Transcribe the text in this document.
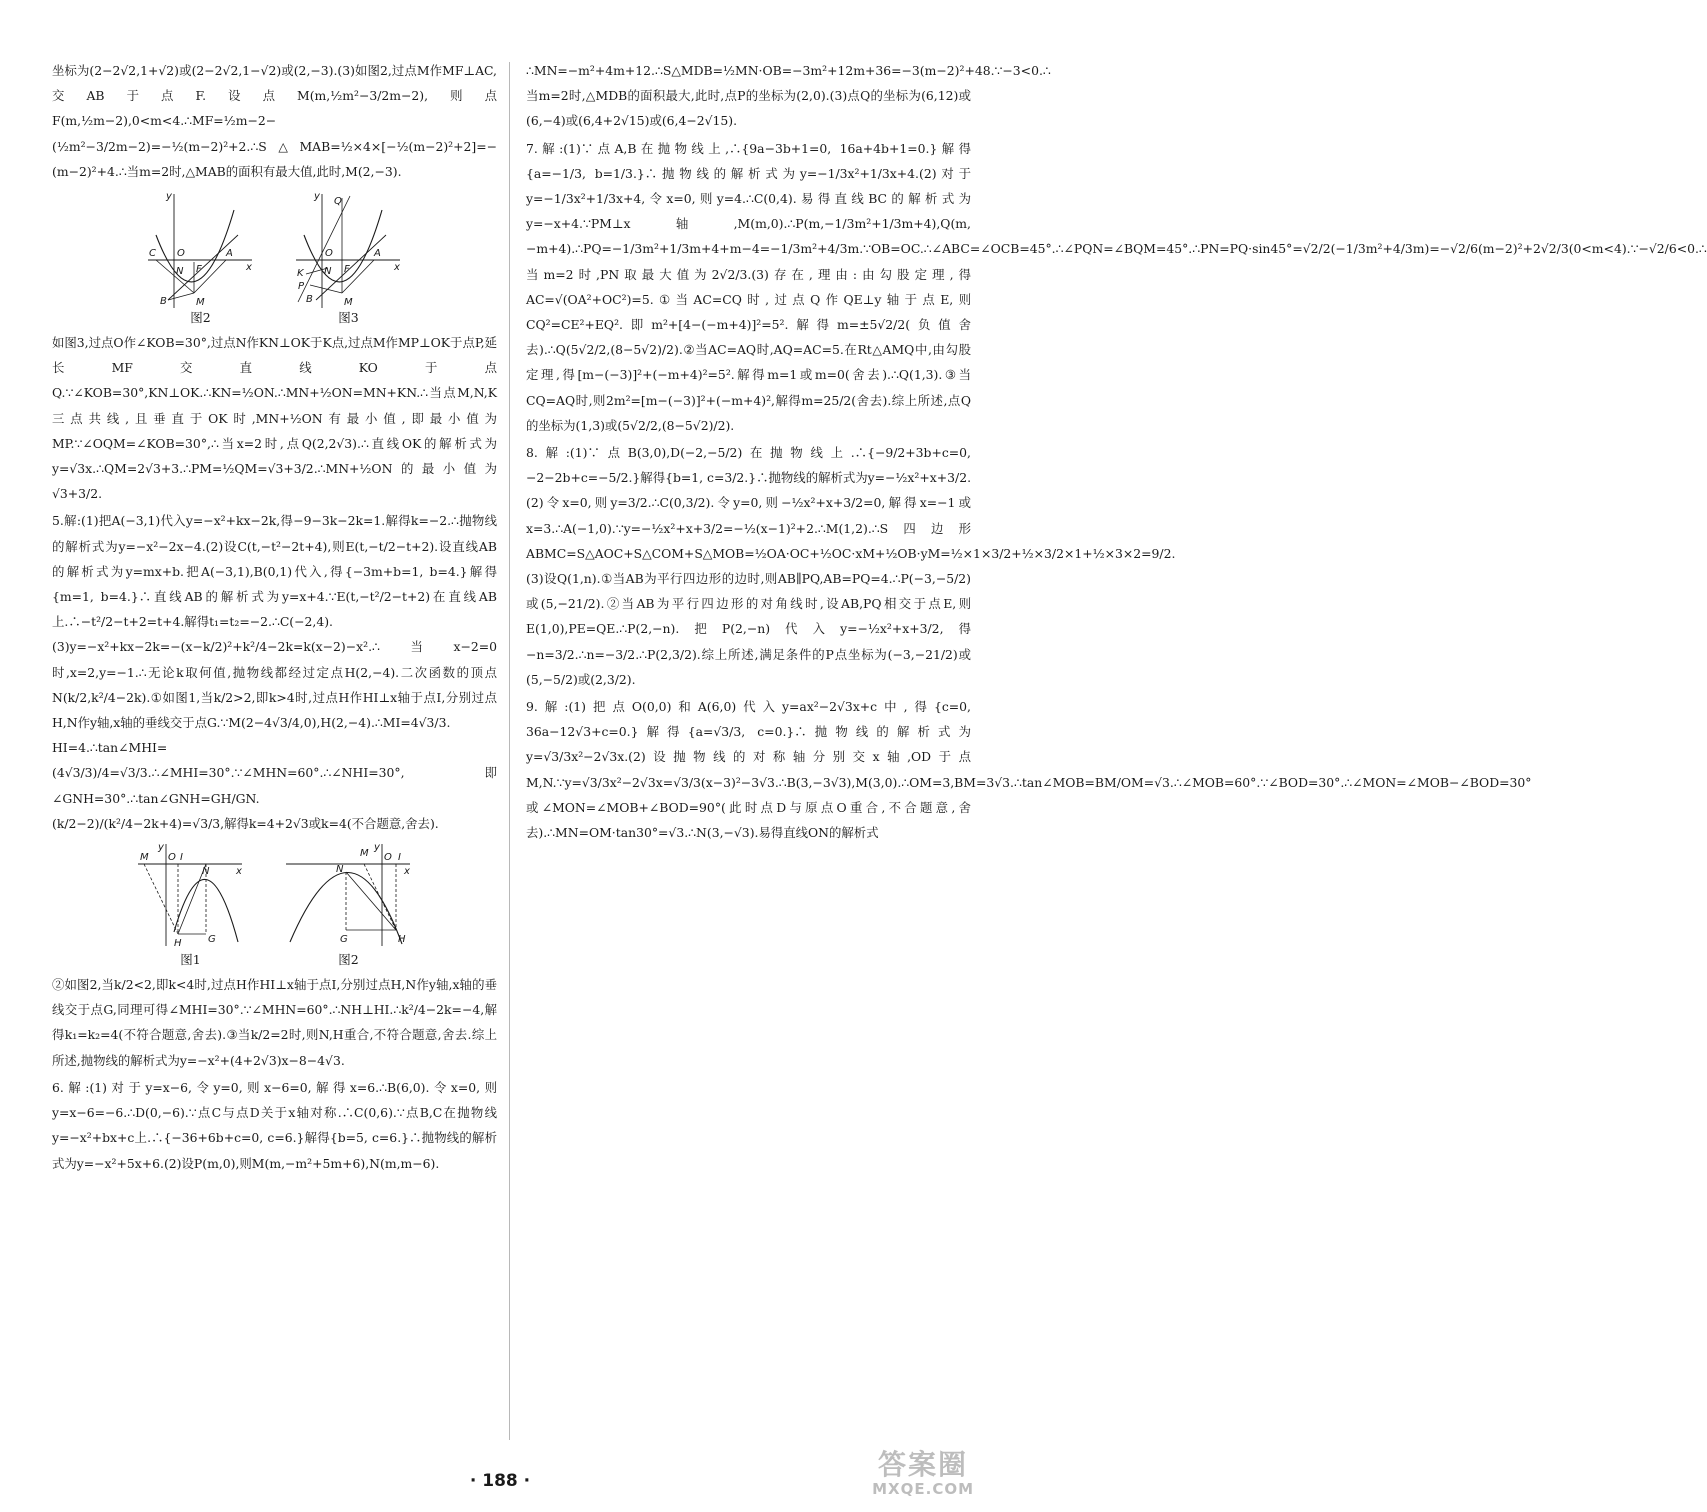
坐标为(2−2√2,1+√2)或(2−2√2,1−√2)或(2,−3).(3)如图2,过点M作MF⊥AC,交AB于点F.设点M(m,½m²−3/2m−2),则点F(m,½m−2),0<m<4.∴MF=½m−2−(½m²−3/2m−2)=−½(m−2)²+2.∴S△MAB=½×4×[−½(m−2)²+2]=−(m−2)²+4.∴当m=2时,△MAB的面积有最大值,此时,M(2,−3).

y
x
C O
N F
A
B	M
图2
y Q
x
O
N F
A
K
P
B	M
图3

如图3,过点O作∠KOB=30°,过点N作KN⊥OK于K点,过点M作MP⊥OK于点P,延长MF交直线KO于点Q.∵∠KOB=30°,KN⊥OK.∴KN=½ON.∴MN+½ON=MN+KN.∴当点M,N,K三点共线,且垂直于OK时,MN+½ON有最小值,即最小值为MP.∵∠OQM=∠KOB=30°,∴当x=2时,点Q(2,2√3).∴直线OK的解析式为y=√3x.∴QM=2√3+3.∴PM=½QM=√3+3/2.∴MN+½ON的最小值为√3+3/2.

5.解:(1)把A(−3,1)代入y=−x²+kx−2k,得−9−3k−2k=1.解得k=−2.∴抛物线的解析式为y=−x²−2x−4.(2)设C(t,−t²−2t+4),则E(t,−t/2−t+2).设直线AB的解析式为y=mx+b.把A(−3,1),B(0,1)代入,得{−3m+b=1, b=4.}解得{m=1, b=4.}∴直线AB的解析式为y=x+4.∵E(t,−t²/2−t+2)在直线AB上.∴−t²/2−t+2=t+4.解得t₁=t₂=−2.∴C(−2,4).

(3)y=−x²+kx−2k=−(x−k/2)²+k²/4−2k=k(x−2)−x².∴当x−2=0时,x=2,y=−1.∴无论k取何值,抛物线都经过定点H(2,−4).二次函数的顶点N(k/2,k²/4−2k).①如图1,当k/2>2,即k>4时,过点H作HI⊥x轴于点I,分别过点H,N作y轴,x轴的垂线交于点G.∵M(2−4√3/4,0),H(2,−4).∴MI=4√3/3.

HI=4.∴tan∠MHI=(4√3/3)/4=√3/3.∴∠MHI=30°.∵∠MHN=60°.∴∠NHI=30°,即∠GNH=30°.∴tan∠GNH=GH/GN.

(k/2−2)/(k²/4−2k+4)=√3/3,解得k=4+2√3或k=4(不合题意,舍去).

y
x
M O I
N
H	G
图1
y
x
M O I
N
G	H
图2

②如图2,当k/2<2,即k<4时,过点H作HI⊥x轴于点I,分别过点H,N作y轴,x轴的垂线交于点G,同理可得∠MHI=30°.∵∠MHN=60°.∴NH⊥HI.∴k²/4−2k=−4,解得k₁=k₂=4(不符合题意,舍去).③当k/2=2时,则N,H重合,不符合题意,舍去.综上所述,抛物线的解析式为y=−x²+(4+2√3)x−8−4√3.

6.解:(1)对于y=x−6,令y=0,则x−6=0,解得x=6.∴B(6,0).令x=0,则y=x−6=−6.∴D(0,−6).∵点C与点D关于x轴对称.∴C(0,6).∵点B,C在抛物线y=−x²+bx+c上.∴{−36+6b+c=0, c=6.}解得{b=5, c=6.}∴抛物线的解析式为y=−x²+5x+6.(2)设P(m,0),则M(m,−m²+5m+6),N(m,m−6).

∴MN=−m²+4m+12.∴S△MDB=½MN·OB=−3m²+12m+36=−3(m−2)²+48.∵−3<0.∴当m=2时,△MDB的面积最大,此时,点P的坐标为(2,0).(3)点Q的坐标为(6,12)或(6,−4)或(6,4+2√15)或(6,4−2√15).

7.解:(1)∵点A,B在抛物线上,∴{9a−3b+1=0, 16a+4b+1=0.}解得{a=−1/3, b=1/3.}∴抛物线的解析式为y=−1/3x²+1/3x+4.(2)对于y=−1/3x²+1/3x+4,令x=0,则y=4.∴C(0,4).易得直线BC的解析式为y=−x+4.∵PM⊥x轴,M(m,0).∴P(m,−1/3m²+1/3m+4),Q(m,−m+4).∴PQ=−1/3m²+1/3m+4+m−4=−1/3m²+4/3m.∵OB=OC.∴∠ABC=∠OCB=45°.∴∠PQN=∠BQM=45°.∴PN=PQ·sin45°=√2/2(−1/3m²+4/3m)=−√2/6(m−2)²+2√2/3(0<m<4).∵−√2/6<0.∴当m=2时,PN取最大值为2√2/3.(3)存在,理由:由勾股定理,得AC=√(OA²+OC²)=5.①当AC=CQ时,过点Q作QE⊥y轴于点E,则CQ²=CE²+EQ².即m²+[4−(−m+4)]²=5².解得m=±5√2/2(负值舍去).∴Q(5√2/2,(8−5√2)/2).②当AC=AQ时,AQ=AC=5.在Rt△AMQ中,由勾股定理,得[m−(−3)]²+(−m+4)²=5².解得m=1或m=0(舍去).∴Q(1,3).③当CQ=AQ时,则2m²=[m−(−3)]²+(−m+4)²,解得m=25/2(舍去).综上所述,点Q的坐标为(1,3)或(5√2/2,(8−5√2)/2).

8.解:(1)∵点B(3,0),D(−2,−5/2)在抛物线上.∴{−9/2+3b+c=0, −2−2b+c=−5/2.}解得{b=1, c=3/2.}∴抛物线的解析式为y=−½x²+x+3/2.(2)令x=0,则y=3/2.∴C(0,3/2).令y=0,则−½x²+x+3/2=0,解得x=−1或x=3.∴A(−1,0).∵y=−½x²+x+3/2=−½(x−1)²+2.∴M(1,2).∴S四边形ABMC=S△AOC+S△COM+S△MOB=½OA·OC+½OC·xM+½OB·yM=½×1×3/2+½×3/2×1+½×3×2=9/2.(3)设Q(1,n).①当AB为平行四边形的边时,则AB∥PQ,AB=PQ=4.∴P(−3,−5/2)或(5,−21/2).②当AB为平行四边形的对角线时,设AB,PQ相交于点E,则E(1,0),PE=QE.∴P(2,−n).把P(2,−n)代入y=−½x²+x+3/2,得−n=3/2.∴n=−3/2.∴P(2,3/2).综上所述,满足条件的P点坐标为(−3,−21/2)或(5,−5/2)或(2,3/2).

9.解:(1)把点O(0,0)和A(6,0)代入y=ax²−2√3x+c中,得{c=0, 36a−12√3+c=0.}解得{a=√3/3, c=0.}∴抛物线的解析式为y=√3/3x²−2√3x.(2)设抛物线的对称轴分别交x轴,OD于点M,N.∵y=√3/3x²−2√3x=√3/3(x−3)²−3√3.∴B(3,−3√3),M(3,0).∴OM=3,BM=3√3.∴tan∠MOB=BM/OM=√3.∴∠MOB=60°.∵∠BOD=30°.∴∠MON=∠MOB−∠BOD=30°或∠MON=∠MOB+∠BOD=90°(此时点D与原点O重合,不合题意,舍去).∴MN=OM·tan30°=√3.∴N(3,−√3).易得直线ON的解析式

· 188 ·	答案圈
MXQE.COM
